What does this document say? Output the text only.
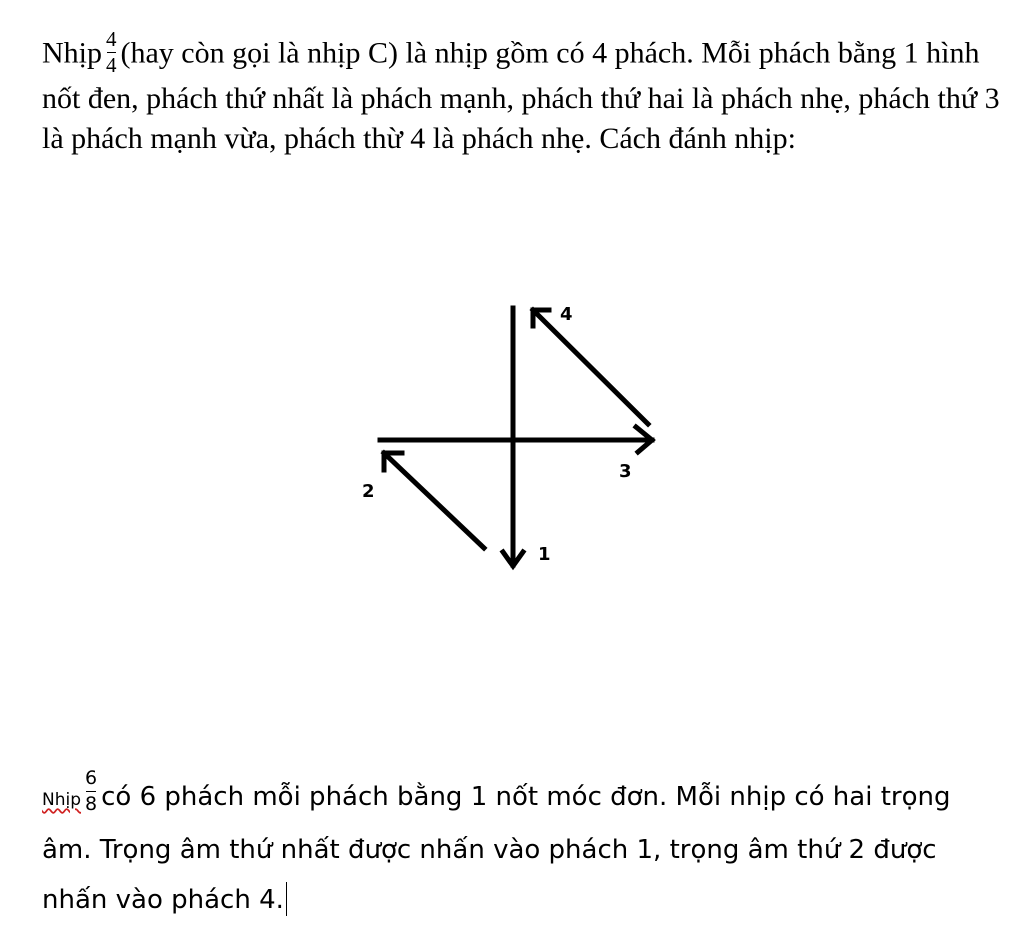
Nhịp $\frac{4}{4} (hay$ còn gọi là nhịp C) là nhịp gồm có 4 phách. Mỗi phách bằng 1 hình nốt đen, phách thứ nhất là phách mạnh, phách thứ hai là phách nhẹ, phách thứ 3 là phách mạnh vừa, phách thừ 4 là phách nhẹ. Cách đánh nhịp:

1
2
3
4

Nhịp $\frac{6}{8}$ có 6 phách mỗi phách bằng 1 nốt móc đơn. Mỗi nhịp có hai trọng âm. Trọng âm thứ nhất được nhấn vào phách 1, trọng âm thứ 2 được nhấn vào phách 4.
